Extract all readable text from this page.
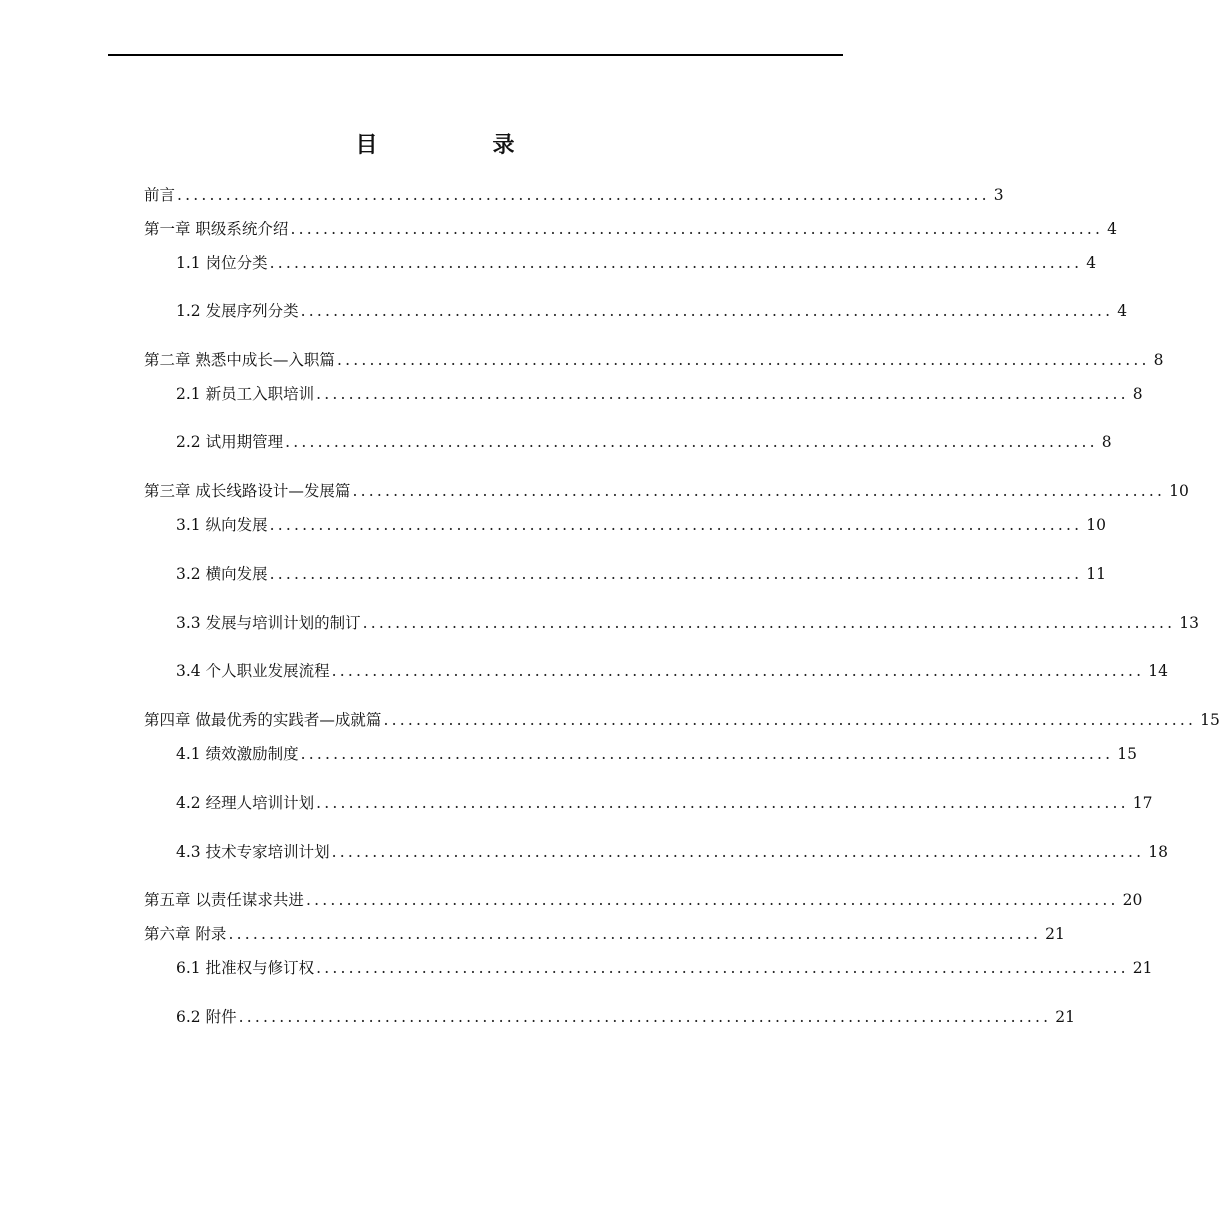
目录
前言 .................................................................................................... 3
第一章 职级系统介绍 .................................................................................................... 4
1.1 岗位分类 .................................................................................................... 4
1.2 发展序列分类 .................................................................................................... 4
第二章 熟悉中成长—入职篇 .................................................................................................... 8
2.1 新员工入职培训 .................................................................................................... 8
2.2 试用期管理 .................................................................................................... 8
第三章 成长线路设计—发展篇 .................................................................................................... 10
3.1 纵向发展 .................................................................................................... 10
3.2 横向发展 .................................................................................................... 11
3.3 发展与培训计划的制订 .................................................................................................... 13
3.4 个人职业发展流程 .................................................................................................... 14
第四章 做最优秀的实践者—成就篇 .................................................................................................... 15
4.1 绩效激励制度 .................................................................................................... 15
4.2 经理人培训计划 .................................................................................................... 17
4.3 技术专家培训计划 .................................................................................................... 18
第五章 以责任谋求共进 .................................................................................................... 20
第六章 附录 .................................................................................................... 21
6.1 批准权与修订权 .................................................................................................... 21
6.2 附件 .................................................................................................... 21
